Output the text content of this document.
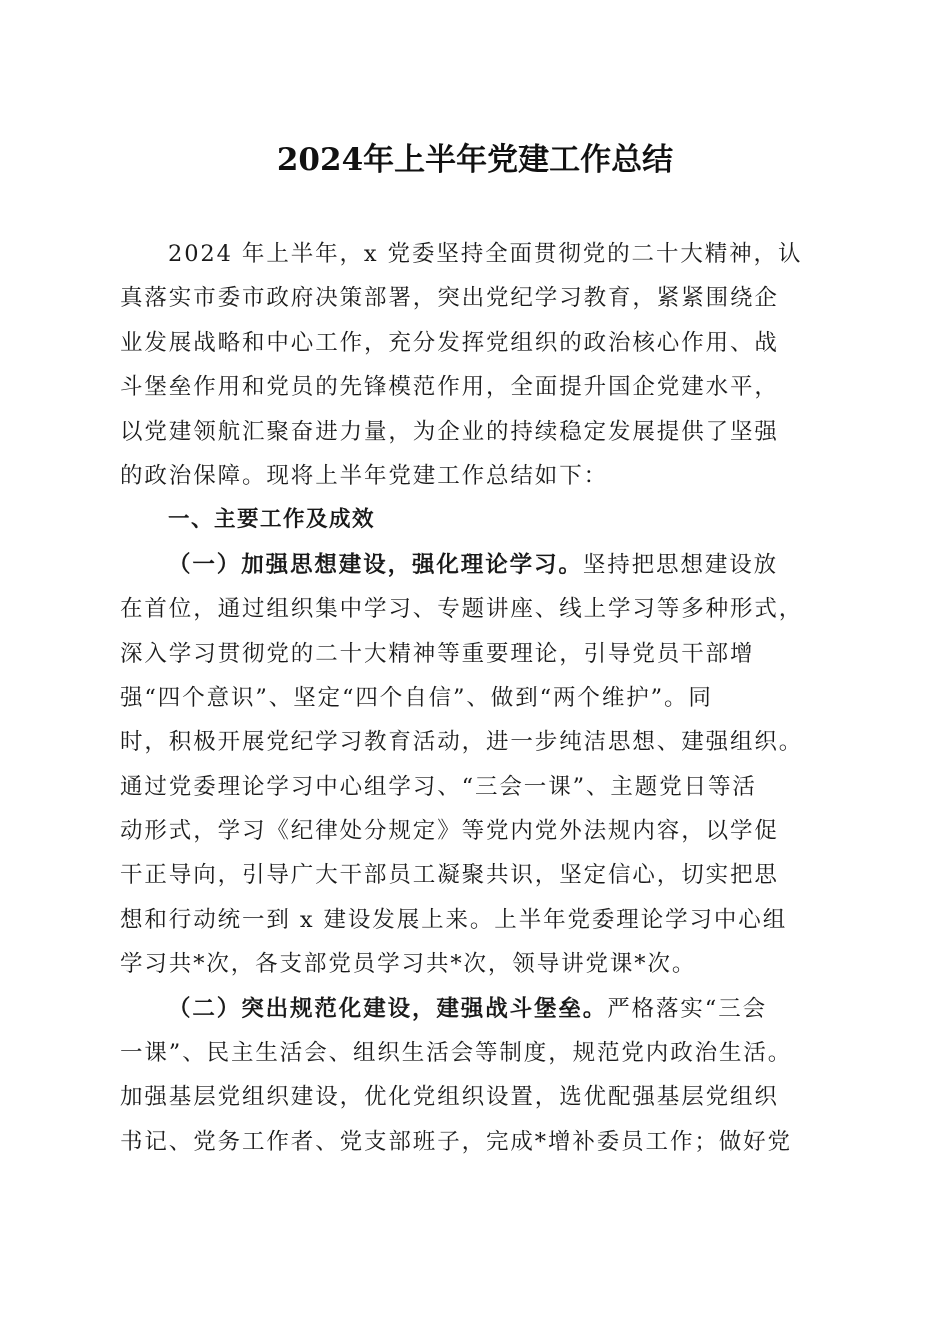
2024年上半年党建工作总结
2024 年上半年，x 党委坚持全面贯彻党的二十大精神，认
真落实市委市政府决策部署，突出党纪学习教育，紧紧围绕企
业发展战略和中心工作，充分发挥党组织的政治核心作用、战
斗堡垒作用和党员的先锋模范作用，全面提升国企党建水平，
以党建领航汇聚奋进力量，为企业的持续稳定发展提供了坚强
的政治保障。现将上半年党建工作总结如下：
一、主要工作及成效
（一）加强思想建设，强化理论学习。坚持把思想建设放
在首位，通过组织集中学习、专题讲座、线上学习等多种形式，
深入学习贯彻党的二十大精神等重要理论，引导党员干部增
强“四个意识”、坚定“四个自信”、做到“两个维护”。同
时，积极开展党纪学习教育活动，进一步纯洁思想、建强组织。
通过党委理论学习中心组学习、“三会一课”、主题党日等活
动形式，学习《纪律处分规定》等党内党外法规内容，以学促
干正导向，引导广大干部员工凝聚共识，坚定信心，切实把思
想和行动统一到 x 建设发展上来。上半年党委理论学习中心组
学习共*次，各支部党员学习共*次，领导讲党课*次。
（二）突出规范化建设，建强战斗堡垒。严格落实“三会
一课”、民主生活会、组织生活会等制度，规范党内政治生活。
加强基层党组织建设，优化党组织设置，选优配强基层党组织
书记、党务工作者、党支部班子，完成*增补委员工作；做好党
